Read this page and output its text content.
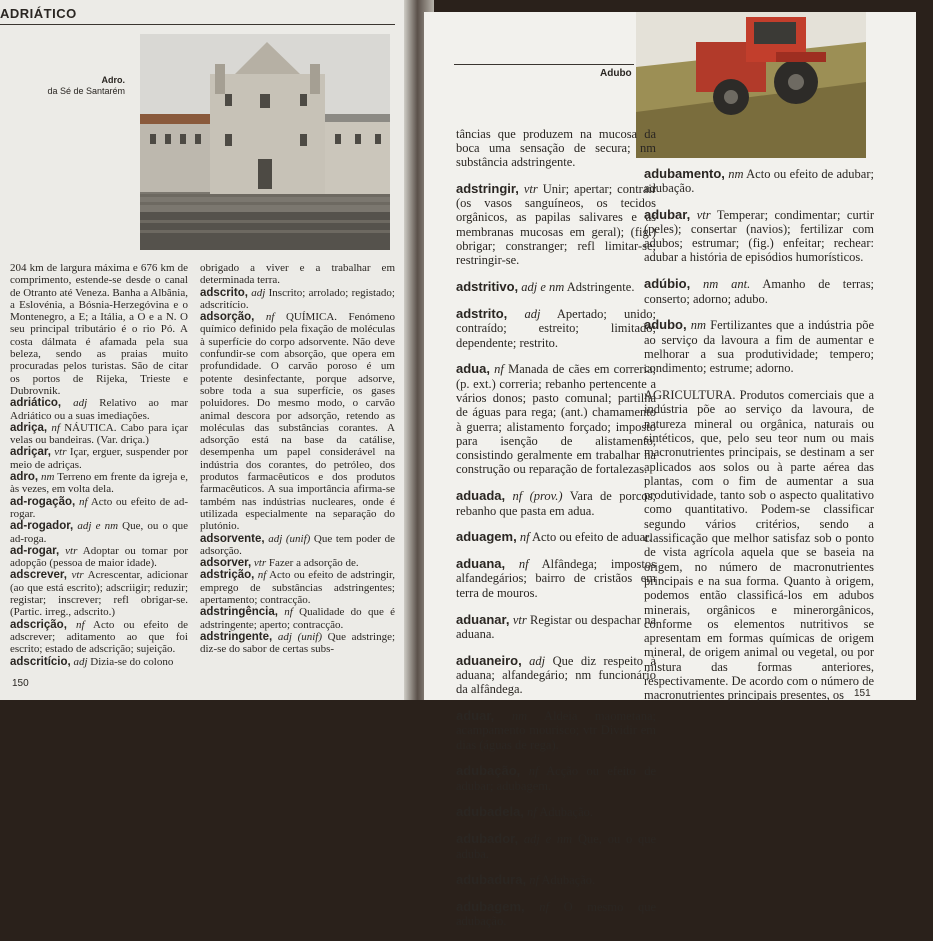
ADRIÁTICO
Adro.
da Sé de Santarém

204 km de largura máxima e 676 km de comprimento, estende-se desde o canal de Otranto até Veneza. Banha a Albânia, a Eslovénia, a Bósnia-Herzegóvina e o Montenegro, a E; a Itália, a O e a N. O seu principal tributário é o rio Pó. A costa dálmata é afamada pela sua beleza, sendo as praias muito procuradas pelos turistas. São de citar os portos de Rijeka, Trieste e Dubrovnik.

adriático, adj Relativo ao mar Adriático ou a suas imediações.

adriça, nf NÁUTICA. Cabo para içar velas ou bandeiras. (Var. driça.)

adriçar, vtr Içar, erguer, suspender por meio de adriças.

adro, nm Terreno em frente da igreja e, às vezes, em volta dela.

ad-rogação, nf Acto ou efeito de ad-rogar.

ad-rogador, adj e nm Que, ou o que ad-roga.

ad-rogar, vtr Adoptar ou tomar por adopção (pessoa de maior idade).

adscrever, vtr Acrescentar, adicionar (ao que está escrito); adscriigir; reduzir; registar; inscrever; refl obrigar-se. (Partic. irreg., adscrito.)

adscrição, nf Acto ou efeito de adscrever; aditamento ao que foi escrito; estado de adscrição; sujeição.

adscritício, adj Dizia-se do colono

obrigado a viver e a trabalhar em determinada terra.

adscrito, adj Inscrito; arrolado; registado; adscritício.

adsorção, nf QUÍMICA. Fenómeno químico definido pela fixação de moléculas à superfície do corpo adsorvente. Não deve confundir-se com absorção, que opera em profundidade. O carvão poroso é um potente desinfectante, porque adsorve, sobre toda a sua superfície, os gases poluidores. Do mesmo modo, o carvão animal descora por adsorção, retendo as moléculas das substâncias corantes. A adsorção está na base da catálise, desempenha um papel considerável na indústria dos corantes, do petróleo, dos produtos farmacêuticos e dos produtos farmacêuticos. A sua importância afirma-se também nas indústrias nucleares, onde é utilizada especialmente na separação do plutónio.

adsorvente, adj (unif) Que tem poder de adsorção.

adsorver, vtr Fazer a adsorção de.

adstrição, nf Acto ou efeito de adstringir, emprego de substâncias adstringentes; apertamento; contracção.

adstringência, nf Qualidade do que é adstringente; aperto; contracção.

adstringente, adj (unif) Que adstringe; diz-se do sabor de certas subs-

150
Adubo

tâncias que produzem na mucosa da boca uma sensação de secura; nm substância adstringente.

adstringir, vtr Unir; apertar; contrair (os vasos sanguíneos, os tecidos orgânicos, as papilas salivares e as membranas mucosas em geral); (fig.) obrigar; constranger; refl limitar-se; restringir-se.

adstritivo, adj e nm Adstringente.

adstrito, adj Apertado; unido; contraído; estreito; limitado; dependente; restrito.

adua, nf Manada de cães em correria; (p. ext.) correria; rebanho pertencente a vários donos; pasto comunal; partilha de águas para rega; (ant.) chamamento à guerra; alistamento forçado; imposto para isenção de alistamento, consistindo geralmente em trabalhar na construção ou reparação de fortalezas.

aduada, nf (prov.) Vara de porcos; rebanho que pasta em adua.

aduagem, nf Acto ou efeito de aduar.

aduana, nf Alfândega; impostos alfandegários; bairro de cristãos em terra de mouros.

aduanar, vtr Registar ou despachar na aduana.

aduaneiro, adj Que diz respeito à aduana; alfandegário; nm funcionário da alfândega.

aduar, nm Aldeia maometana; acampamento mourisco; vtr Dividir em dias (águas de rega).

adubação, nf Acção ou efeito de adubar; adubagem.

adubadela, nf Adubação.

adubador, adj e nm Que, ou o que aduba.

adubadura, nf Adubação.

adubagem, nf O mesmo que adubação.

adubamento, nm Acto ou efeito de adubar; adubação.

adubar, vtr Temperar; condimentar; curtir (peles); consertar (navios); fertilizar com adubos; estrumar; (fig.) enfeitar; rechear: adubar a história de episódios humorísticos.

adúbio, nm ant. Amanho de terras; conserto; adorno; adubo.

adubo, nm Fertilizantes que a indústria põe ao serviço da lavoura a fim de aumentar e melhorar a sua produtividade; tempero; condimento; estrume; adorno.

AGRICULTURA. Produtos comerciais que a indústria põe ao serviço da lavoura, de natureza mineral ou orgânica, naturais ou sintéticos, que, pelo seu teor num ou mais macronutrientes principais, se destinam a ser aplicados aos solos ou à parte aérea das plantas, com o fim de aumentar a sua produtividade, tanto sob o aspecto qualitativo como quantitativo. Podem-se classificar segundo vários critérios, sendo a classificação que melhor satisfaz sob o ponto de vista agrícola aquela que se baseia na origem, no número de macronutrientes principais e na sua forma. Quanto à origem, podemos então classificá-los em adubos minerais, orgânicos e minerorgânicos, conforme os elementos nutritivos se apresentam em formas químicas de origem mineral, de origem animal ou vegetal, ou por mistura das formas anteriores, respectivamente. De acordo com o número de macronutrientes principais presentes, os	151
